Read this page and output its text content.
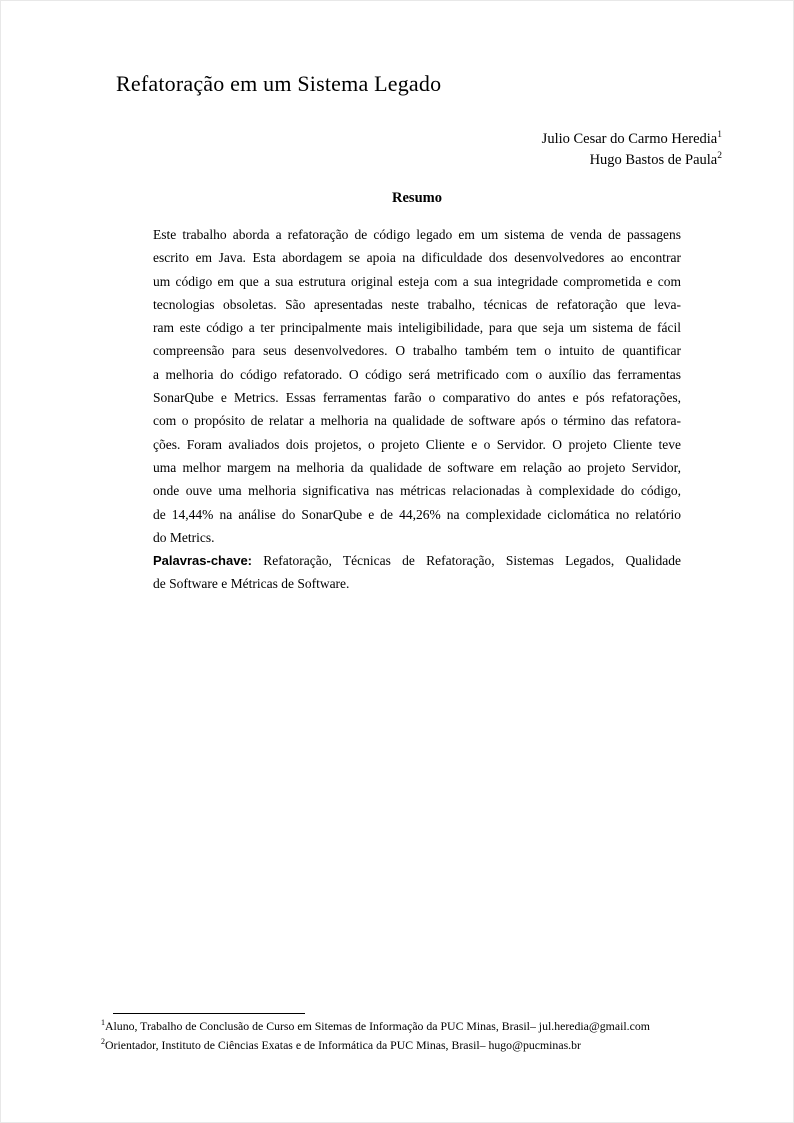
Refatoração em um Sistema Legado
Julio Cesar do Carmo Heredia$^1$
Hugo Bastos de Paula$^2$
Resumo
Este trabalho aborda a refatoração de código legado em um sistema de venda de passagens
escrito em Java. Esta abordagem se apoia na dificuldade dos desenvolvedores ao encontrar
um código em que a sua estrutura original esteja com a sua integridade comprometida e com
tecnologias obsoletas. São apresentadas neste trabalho, técnicas de refatoração que leva-
ram este código a ter principalmente mais inteligibilidade, para que seja um sistema de fácil
compreensão para seus desenvolvedores. O trabalho também tem o intuito de quantificar
a melhoria do código refatorado. O código será metrificado com o auxílio das ferramentas
SonarQube e Metrics. Essas ferramentas farão o comparativo do antes e pós refatorações,
com o propósito de relatar a melhoria na qualidade de software após o término das refatora-
ções. Foram avaliados dois projetos, o projeto Cliente e o Servidor. O projeto Cliente teve
uma melhor margem na melhoria da qualidade de software em relação ao projeto Servidor,
onde ouve uma melhoria significativa nas métricas relacionadas à complexidade do código,
de 14,44% na análise do SonarQube e de 44,26% na complexidade ciclomática no relatório
do Metrics.
Palavras-chave: Refatoração, Técnicas de Refatoração, Sistemas Legados, Qualidade
de Software e Métricas de Software.
$^1$Aluno, Trabalho de Conclusão de Curso em Sitemas de Informação da PUC Minas, Brasil– jul.heredia@gmail.com
$^2$Orientador, Instituto de Ciências Exatas e de Informática da PUC Minas, Brasil– hugo@pucminas.br
